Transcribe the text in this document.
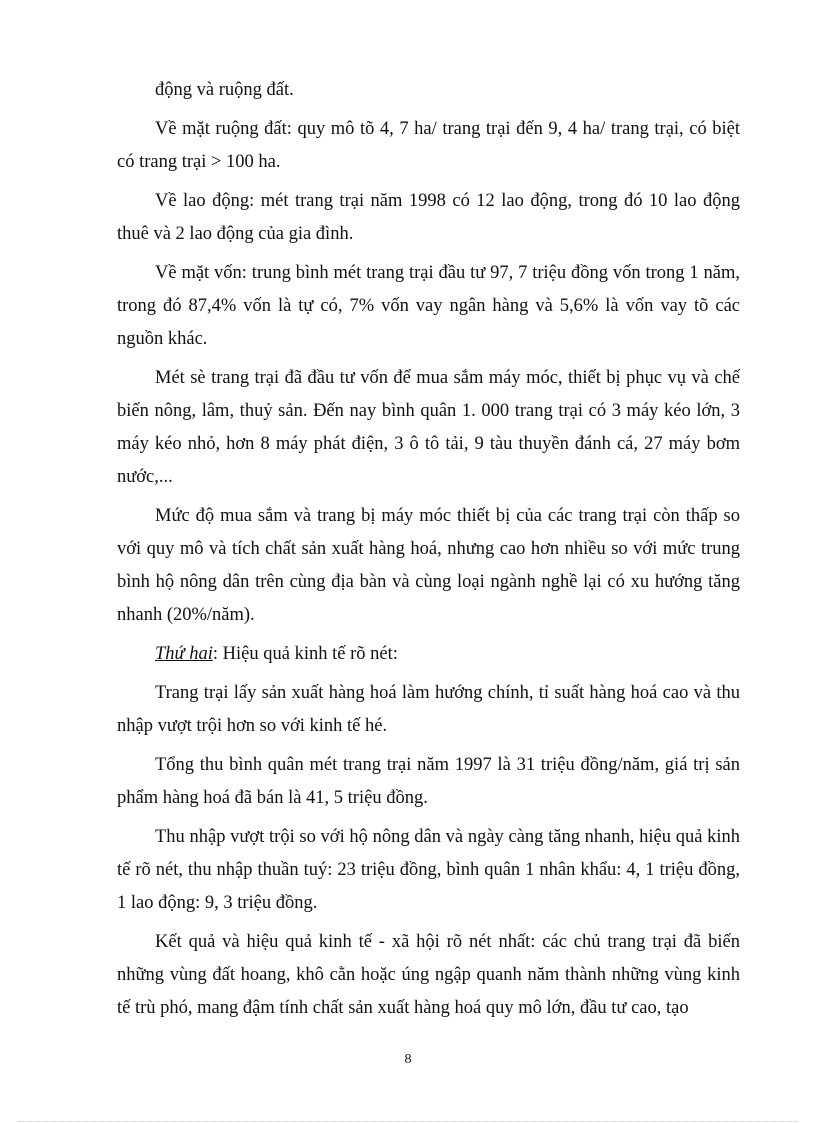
động và ruộng đất.

Về mặt ruộng đất: quy mô tõ 4, 7 ha/ trang trại đến 9, 4 ha/ trang trại, có biệt có trang trại > 100 ha.

Về lao động: mét trang trại năm 1998 có 12 lao động, trong đó 10 lao động thuê và 2 lao động của gia đình.

Về mặt vốn: trung bình mét trang trại đầu tư 97, 7 triệu đồng vốn trong 1 năm, trong đó 87,4% vốn là tự có, 7% vốn vay ngân hàng và 5,6% là vốn vay tõ các nguồn khác.

Mét sè trang trại đã đầu tư vốn để mua sắm máy móc, thiết bị phục vụ và chế biến nông, lâm, thuỷ sản. Đến nay bình quân 1. 000 trang trại có 3 máy kéo lớn, 3 máy kéo nhỏ, hơn 8 máy phát điện, 3 ô tô tải, 9 tàu thuyền đánh cá, 27 máy bơm nước,...

Mức độ mua sắm và trang bị máy móc thiết bị của các trang trại còn thấp so với quy mô và tích chất sản xuất hàng hoá, nhưng cao hơn nhiều so với mức trung bình hộ nông dân trên cùng địa bàn và cùng loại ngành nghề lại có xu hướng tăng nhanh (20%/năm).

Thứ hai: Hiệu quả kinh tế rõ nét:

Trang trại lấy sản xuất hàng hoá làm hướng chính, tỉ suất hàng hoá cao và thu nhập vượt trội hơn so với kinh tế hé.

Tổng thu bình quân mét trang trại năm 1997 là 31 triệu đồng/năm, giá trị sản phẩm hàng hoá đã bán là 41, 5 triệu đồng.

Thu nhập vượt trội so với hộ nông dân và ngày càng tăng nhanh, hiệu quả kinh tế rõ nét, thu nhập thuần tuý: 23 triệu đồng, bình quân 1 nhân khẩu: 4, 1 triệu đồng, 1 lao động: 9, 3 triệu đồng.

Kết quả và hiệu quả kinh tế - xã hội rõ nét nhất: các chủ trang trại đã biến những vùng đất hoang, khô cằn hoặc úng ngập quanh năm thành những vùng kinh tế trù phó, mang đậm tính chất sản xuất hàng hoá quy mô lớn, đầu tư cao, tạo

8
